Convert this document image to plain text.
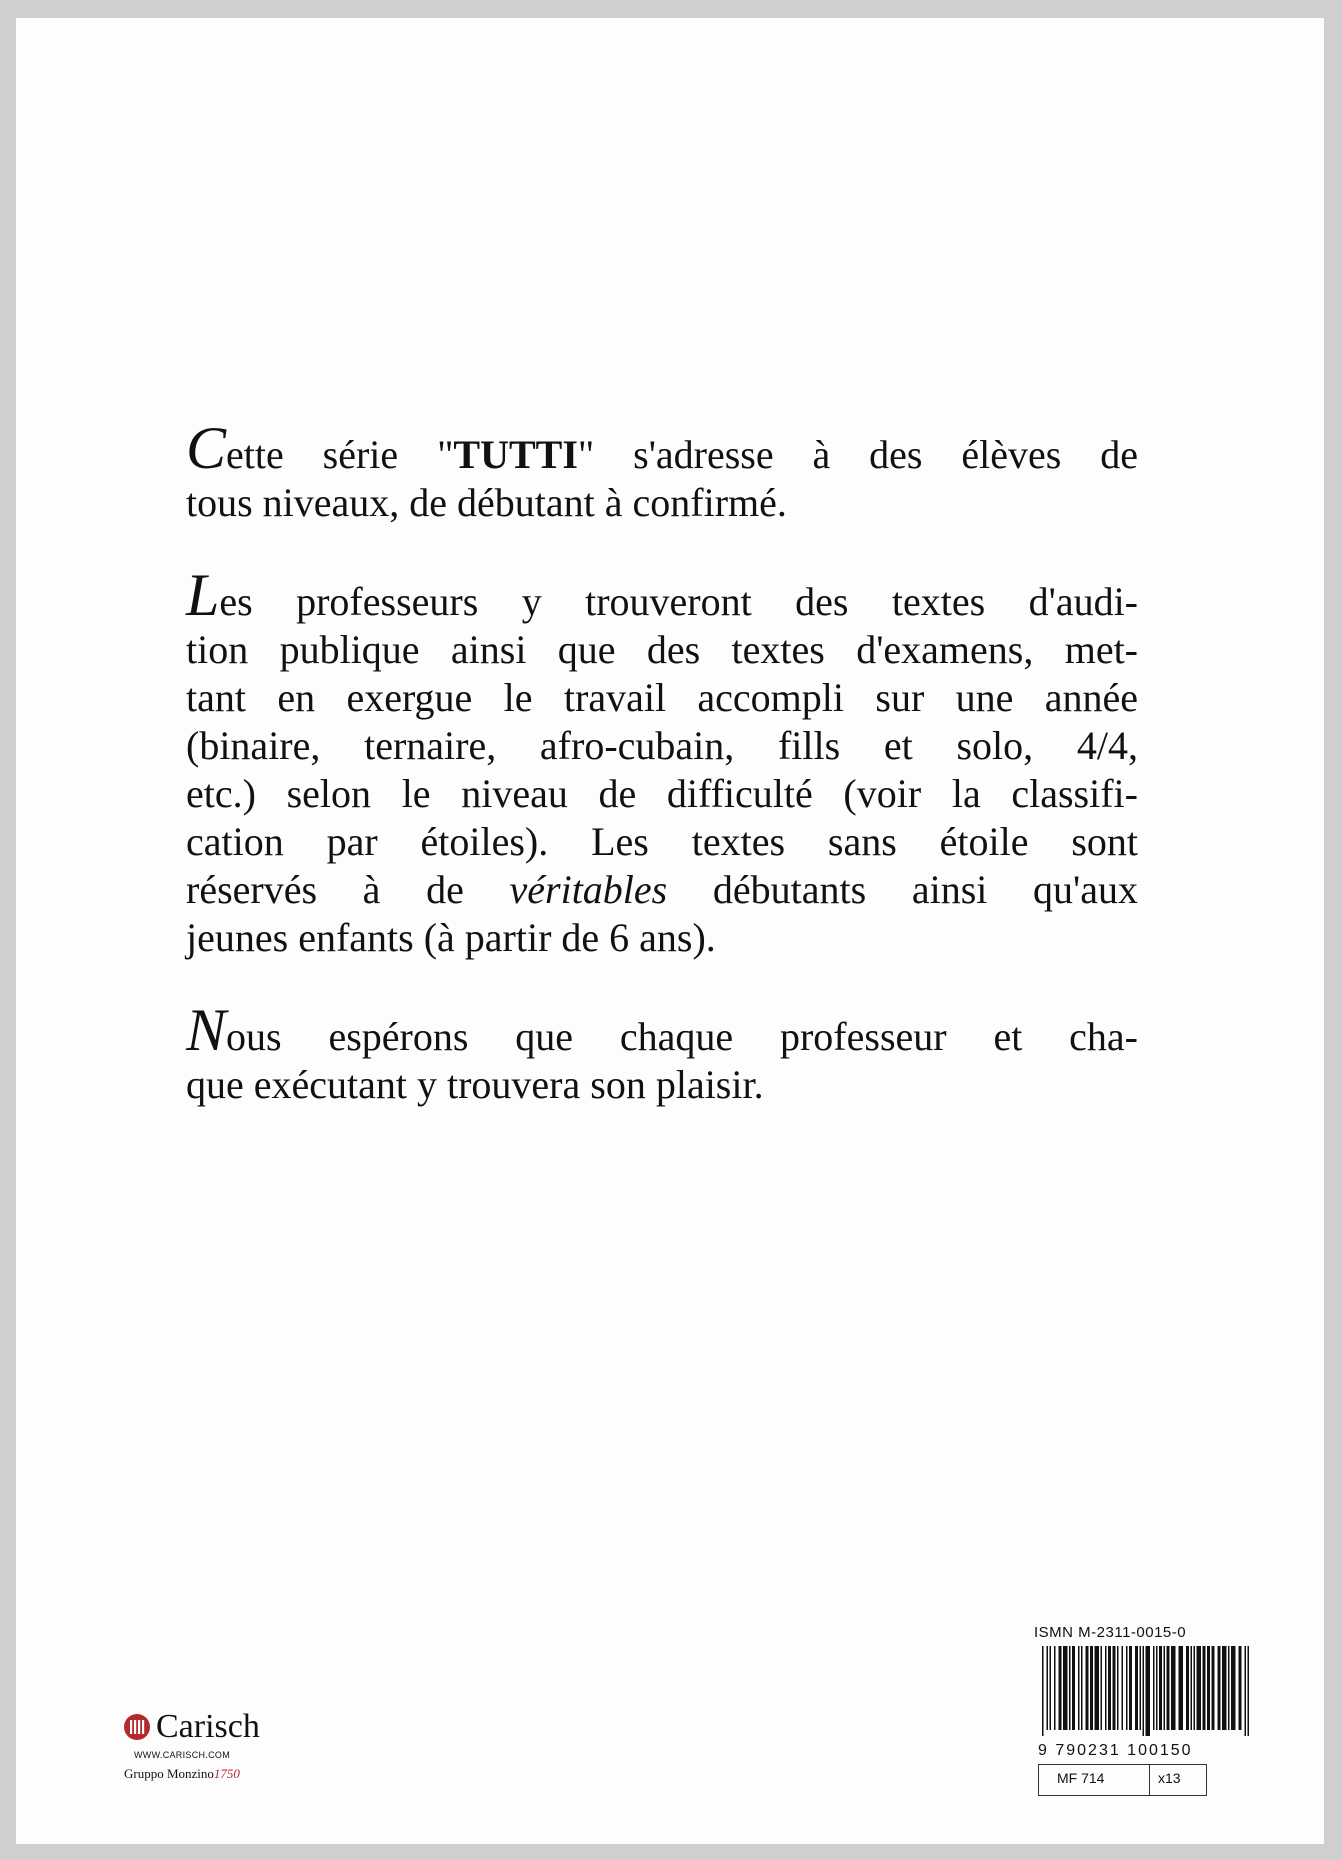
Cette série "TUTTI" s'adresse à des élèves de
tous niveaux, de débutant à confirmé.

Les professeurs y trouveront des textes d'audi-
tion publique ainsi que des textes d'examens, met-
tant en exergue le travail accompli sur une année
(binaire, ternaire, afro-cubain, fills et solo, 4/4,
etc.) selon le niveau de difficulté (voir la classifi-
cation par étoiles). Les textes sans étoile sont
réservés à de véritables débutants ainsi qu'aux
jeunes enfants (à partir de 6 ans).

Nous espérons que chaque professeur et cha-
que exécutant y trouvera son plaisir.

Carisch
WWW.CARISCH.COM
Gruppo Monzino1750
ISMN M-2311-0015-0
9 790231 100150
MF 714	x13
